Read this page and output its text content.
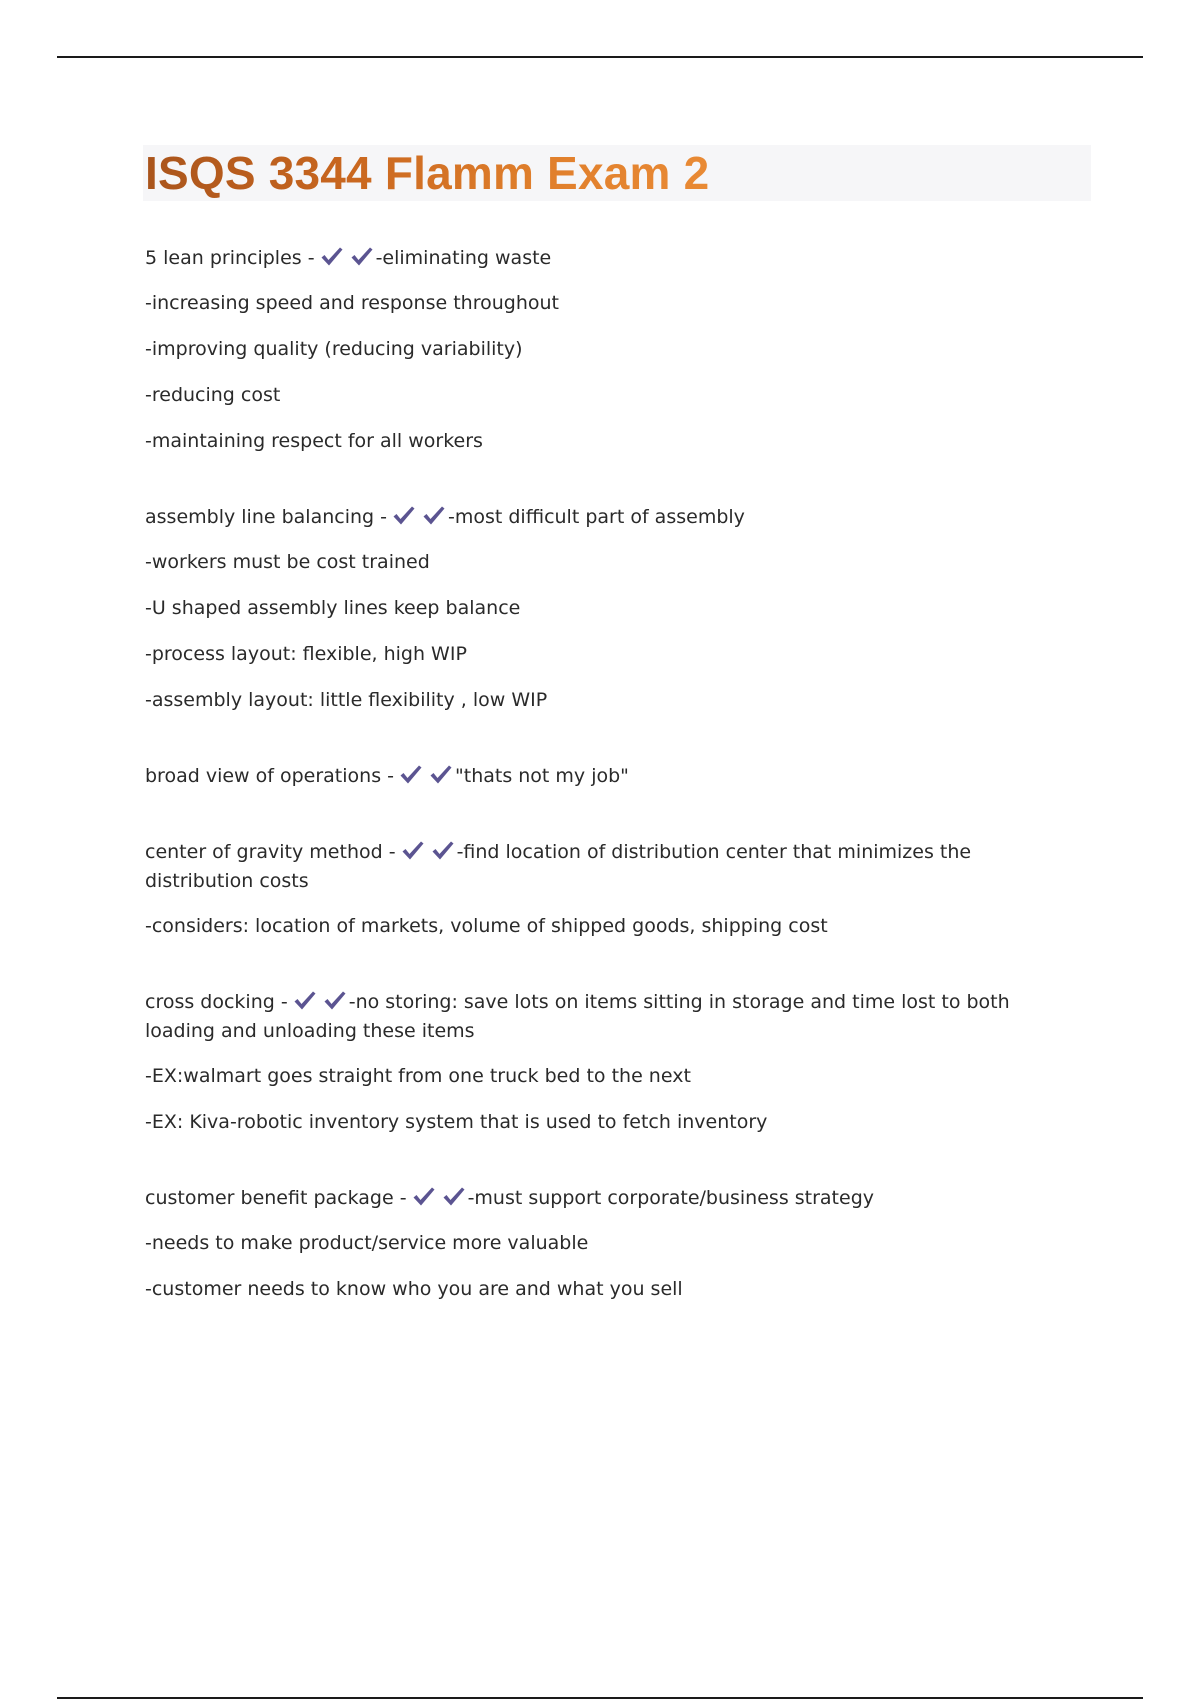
ISQS 3344 Flamm Exam 2

5 lean principles -	-eliminating waste

-increasing speed and response throughout

-improving quality (reducing variability)

-reducing cost

-maintaining respect for all workers

assembly line balancing -	-most difficult part of assembly

-workers must be cost trained

-U shaped assembly lines keep balance

-process layout: flexible, high WIP

-assembly layout: little flexibility , low WIP

broad view of operations -	"thats not my job"

center of gravity method -	-find location of distribution center that minimizes the distribution costs

-considers: location of markets, volume of shipped goods, shipping cost

cross docking -	-no storing: save lots on items sitting in storage and time lost to both loading and unloading these items

-EX:walmart goes straight from one truck bed to the next

-EX: Kiva-robotic inventory system that is used to fetch inventory

customer benefit package -	-must support corporate/business strategy

-needs to make product/service more valuable

-customer needs to know who you are and what you sell
